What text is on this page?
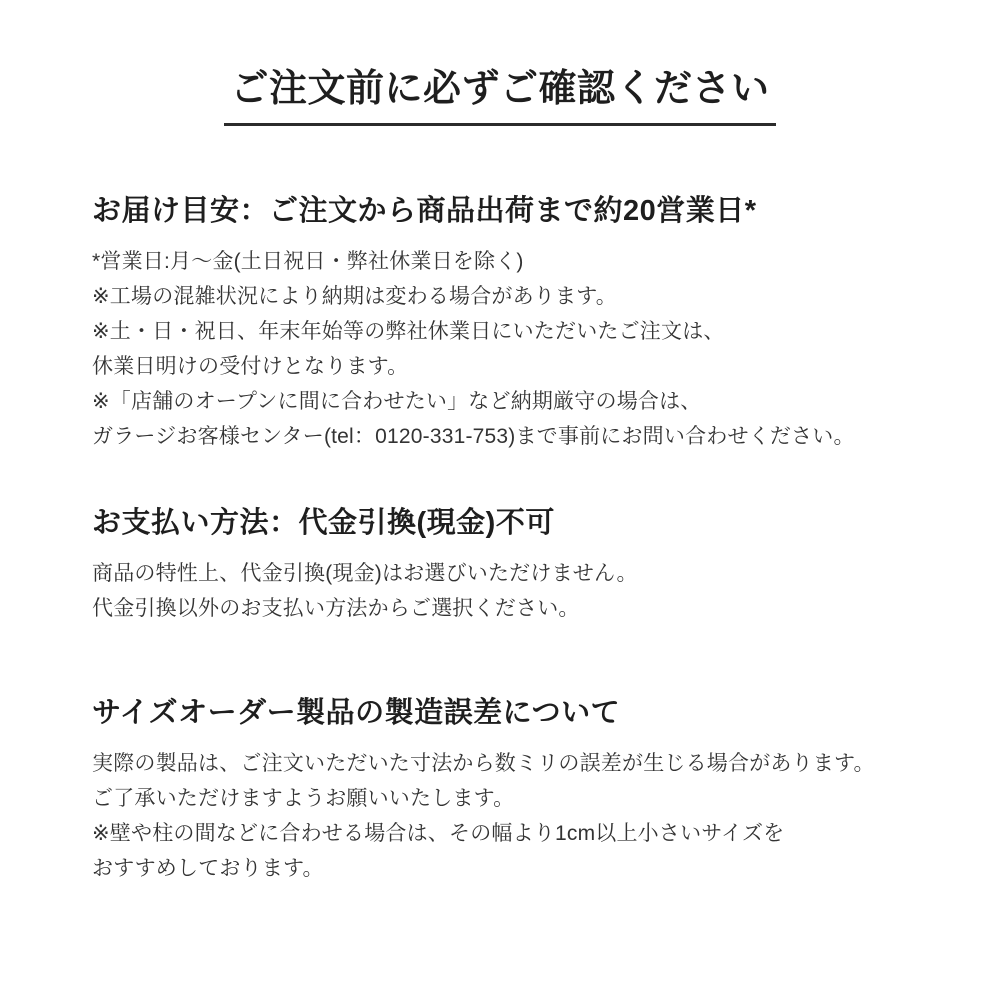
ご注文前に必ずご確認ください
お届け目安：ご注文から商品出荷まで約20営業日*

*営業日:月～金(土日祝日・弊社休業日を除く)

※工場の混雑状況により納期は変わる場合があります。

※土・日・祝日、年末年始等の弊社休業日にいただいたご注文は、

休業日明けの受付けとなります。

※「店舗のオープンに間に合わせたい」など納期厳守の場合は、

ガラージお客様センター(tel：0120-331-753)まで事前にお問い合わせください。

お支払い方法：代金引換(現金)不可

商品の特性上、代金引換(現金)はお選びいただけません。

代金引換以外のお支払い方法からご選択ください。

サイズオーダー製品の製造誤差について

実際の製品は、ご注文いただいた寸法から数ミリの誤差が生じる場合があります。

ご了承いただけますようお願いいたします。

※壁や柱の間などに合わせる場合は、その幅より1cm以上小さいサイズを

おすすめしております。
